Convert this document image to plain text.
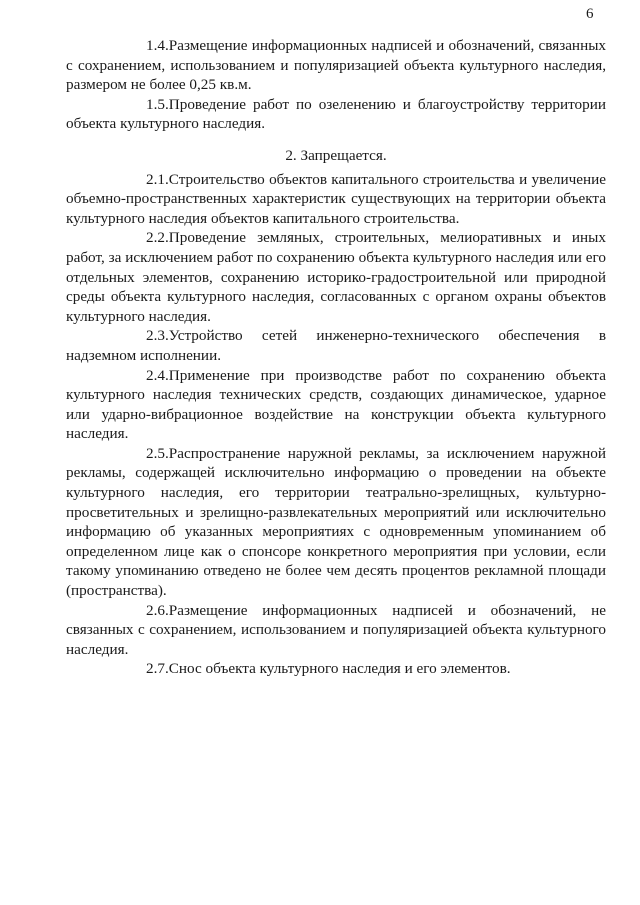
6

1.4.Размещение информационных надписей и обозначений, связанных с сохранением, использованием и популяризацией объекта культурного наследия, размером не более 0,25 кв.м.

1.5.Проведение работ по озеленению и благоустройству территории объекта культурного наследия.

2. Запрещается.

2.1.Строительство объектов капитального строительства и увеличение объемно-пространственных характеристик существующих на территории объекта культурного наследия объектов капитального строительства.

2.2.Проведение земляных, строительных, мелиоративных и иных работ, за исключением работ по сохранению объекта культурного наследия или его отдельных элементов, сохранению историко-градостроительной или природной среды объекта культурного наследия, согласованных с органом охраны объектов культурного наследия.

2.3.Устройство сетей инженерно-технического обеспечения в надземном исполнении.

2.4.Применение при производстве работ по сохранению объекта культурного наследия технических средств, создающих динамическое, ударное или ударно-вибрационное воздействие на конструкции объекта культурного наследия.

2.5.Распространение наружной рекламы, за исключением наружной рекламы, содержащей исключительно информацию о проведении на объекте культурного наследия, его территории театрально-зрелищных, культурно-просветительных и зрелищно-развлекательных мероприятий или исключительно информацию об указанных мероприятиях с одновременным упоминанием об определенном лице как о спонсоре конкретного мероприятия при условии, если такому упоминанию отведено не более чем десять процентов рекламной площади (пространства).

2.6.Размещение информационных надписей и обозначений, не связанных с сохранением, использованием и популяризацией объекта культурного наследия.

2.7.Снос объекта культурного наследия и его элементов.
